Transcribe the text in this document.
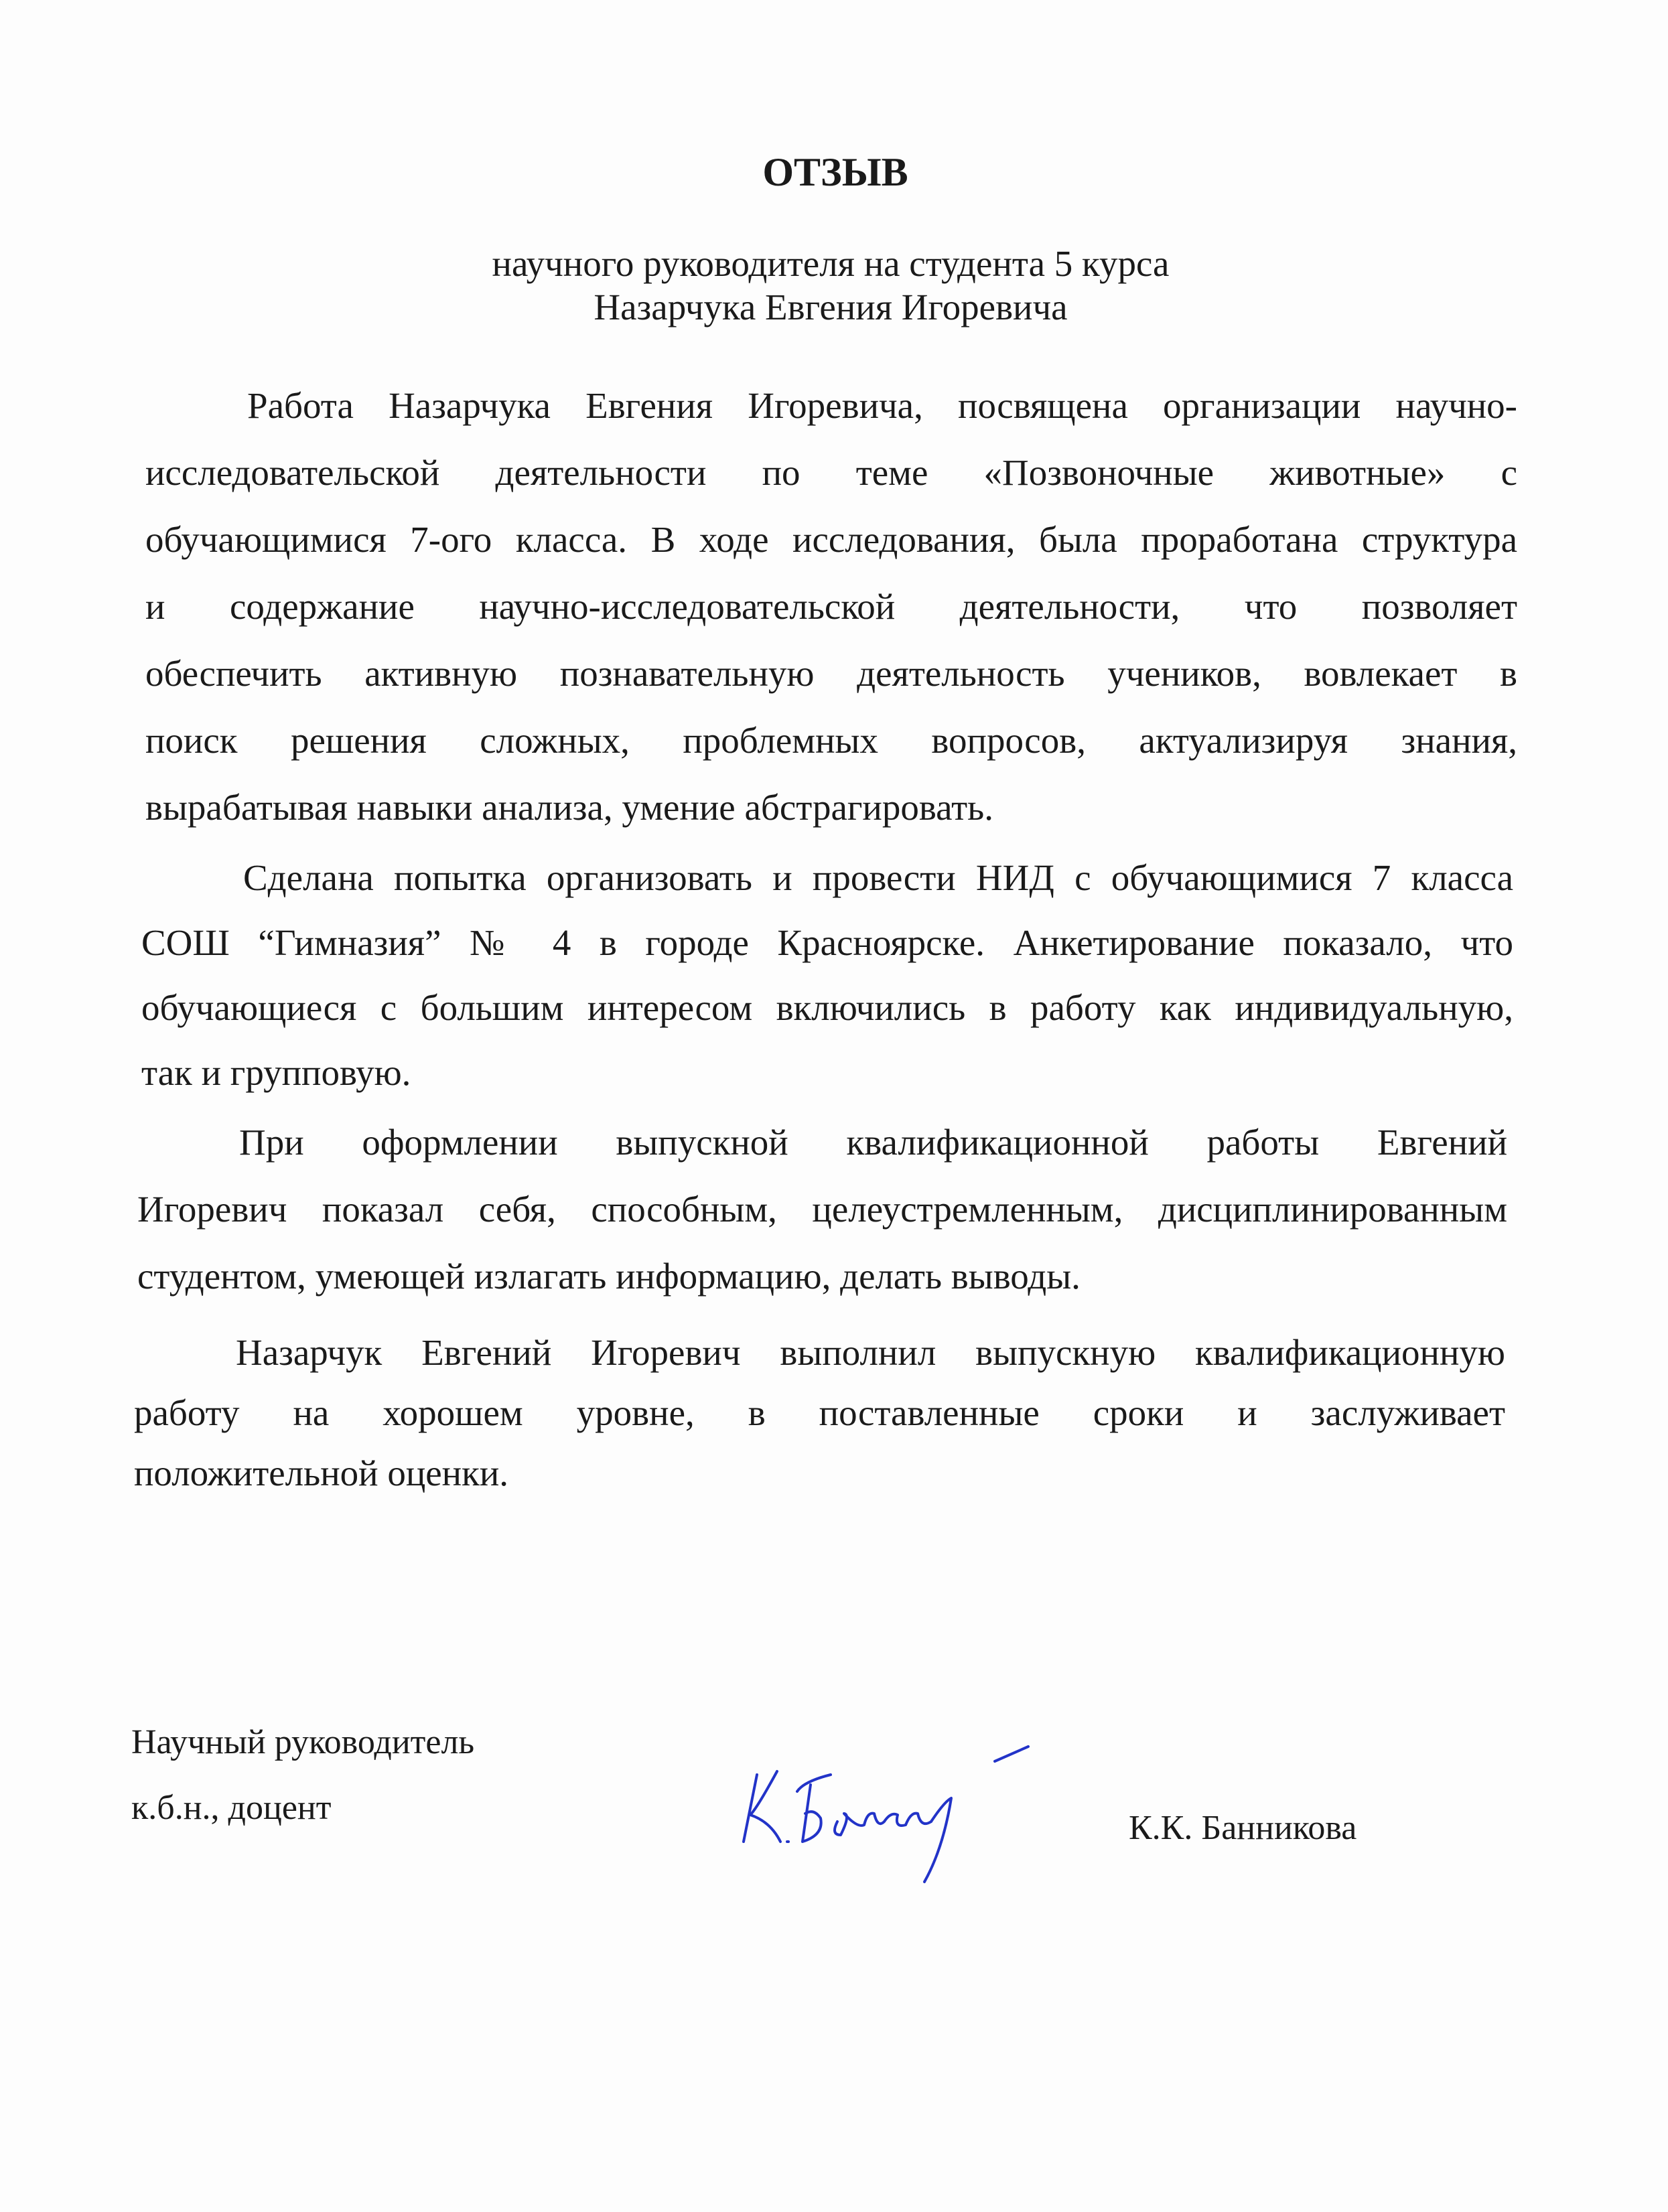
ОТЗЫВ
научного руководителя на студента 5 курса
Назарчука Евгения Игоревича
Работа Назарчука Евгения Игоревича, посвящена организации научно-
исследовательской деятельности по теме «Позвоночные животные» с
обучающимися 7-ого класса. В ходе исследования, была проработана структура
и содержание научно-исследовательской деятельности, что позволяет
обеспечить активную познавательную деятельность учеников, вовлекает в
поиск решения сложных, проблемных вопросов, актуализируя знания,
вырабатывая навыки анализа, умение абстрагировать.
Сделана попытка организовать и провести НИД с обучающимися 7 класса
СОШ “Гимназия” № 4 в городе Красноярске. Анкетирование показало, что
обучающиеся с большим интересом включились в работу как индивидуальную,
так и групповую.
При оформлении выпускной квалификационной работы Евгений
Игоревич показал себя, способным, целеустремленным, дисциплинированным
студентом, умеющей излагать информацию, делать выводы.
Назарчук Евгений Игоревич выполнил выпускную квалификационную
работу на хорошем уровне, в поставленные сроки и заслуживает
положительной оценки.
Научный руководитель
к.б.н., доцент
К.К. Банникова
